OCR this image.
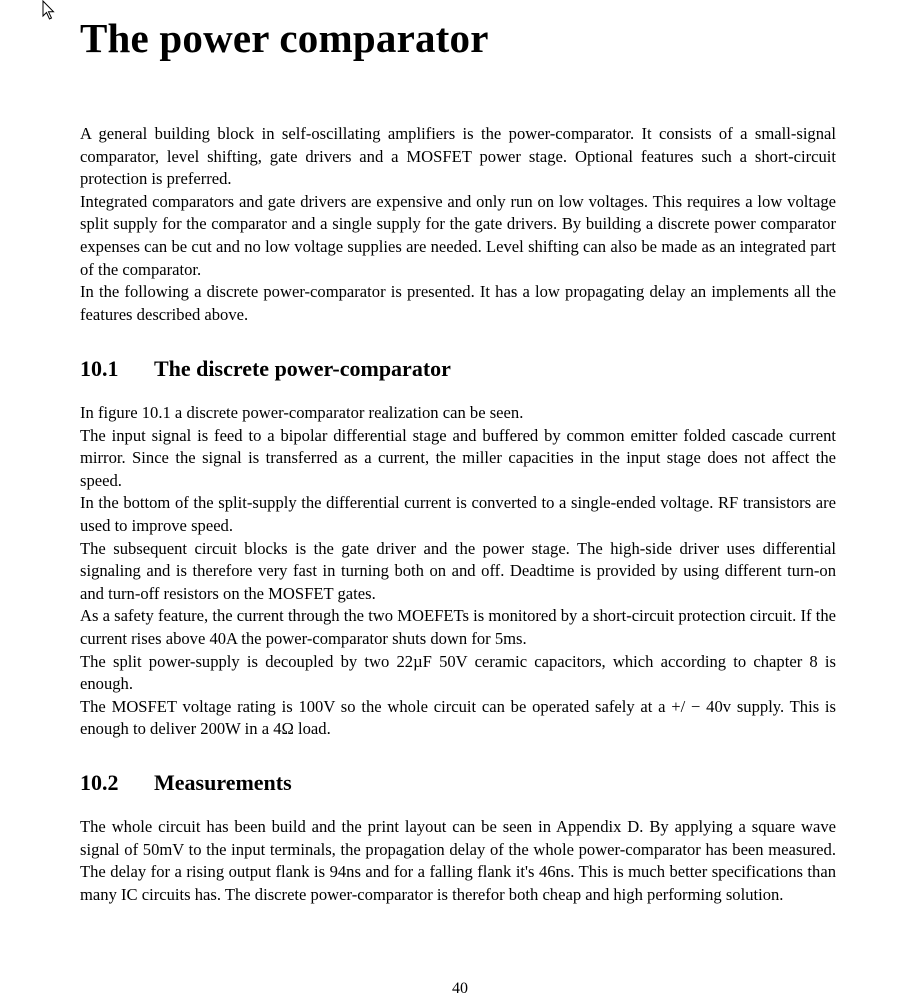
The power comparator

A general building block in self-oscillating amplifiers is the power-comparator. It consists of a small-signal comparator, level shifting, gate drivers and a MOSFET power stage. Optional features such a short-circuit protection is preferred.

Integrated comparators and gate drivers are expensive and only run on low voltages. This requires a low voltage split supply for the comparator and a single supply for the gate drivers. By building a discrete power comparator expenses can be cut and no low voltage supplies are needed. Level shifting can also be made as an integrated part of the comparator.

In the following a discrete power-comparator is presented. It has a low propagating delay an implements all the features described above.

10.1 The discrete power-comparator

In figure 10.1 a discrete power-comparator realization can be seen.

The input signal is feed to a bipolar differential stage and buffered by common emitter folded cascade current mirror. Since the signal is transferred as a current, the miller capacities in the input stage does not affect the speed.

In the bottom of the split-supply the differential current is converted to a single-ended voltage. RF transistors are used to improve speed.

The subsequent circuit blocks is the gate driver and the power stage. The high-side driver uses differential signaling and is therefore very fast in turning both on and off. Deadtime is provided by using different turn-on and turn-off resistors on the MOSFET gates.

As a safety feature, the current through the two MOEFETs is monitored by a short-circuit protection circuit. If the current rises above 40A the power-comparator shuts down for 5ms.

The split power-supply is decoupled by two 22µF 50V ceramic capacitors, which according to chapter 8 is enough.

The MOSFET voltage rating is 100V so the whole circuit can be operated safely at a +/ − 40v supply. This is enough to deliver 200W in a 4Ω load.

10.2 Measurements

The whole circuit has been build and the print layout can be seen in Appendix D. By applying a square wave signal of 50mV to the input terminals, the propagation delay of the whole power-comparator has been measured. The delay for a rising output flank is 94ns and for a falling flank it's 46ns. This is much better specifications than many IC circuits has. The discrete power-comparator is therefor both cheap and high performing solution.

40
